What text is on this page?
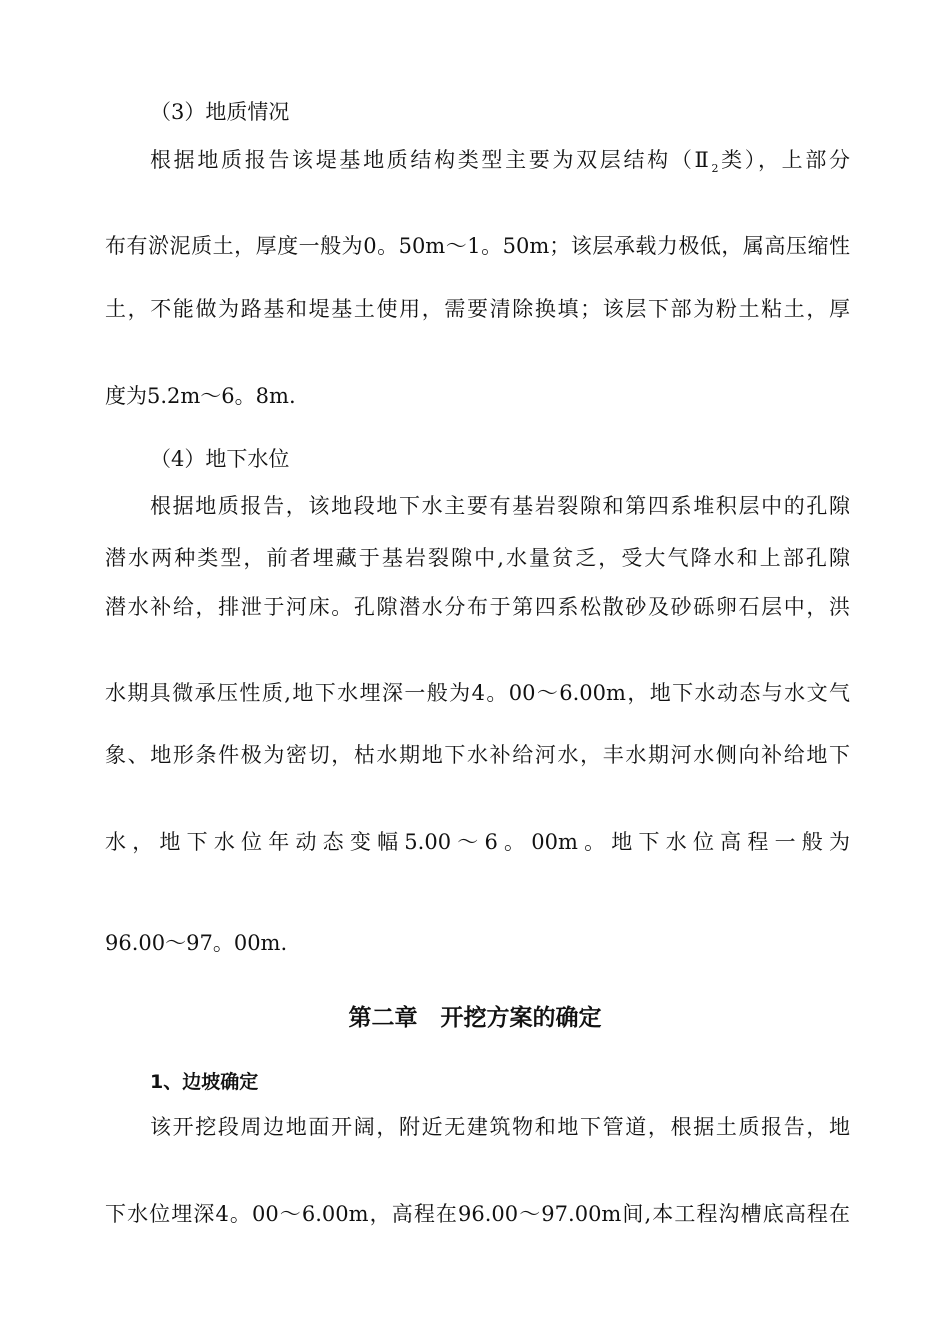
（3）地质情况
根据地质报告该堤基地质结构类型主要为双层结构（$Ⅱ_2$类），上部分
布有淤泥质土，厚度一般为0。50m～1。50m；该层承载力极低，属高压缩性
土，不能做为路基和堤基土使用，需要清除换填；该层下部为粉土粘土，厚
度为5.2m～6。8m.
（4）地下水位
根据地质报告，该地段地下水主要有基岩裂隙和第四系堆积层中的孔隙
潜水两种类型，前者埋藏于基岩裂隙中,水量贫乏，受大气降水和上部孔隙
潜水补给，排泄于河床。孔隙潜水分布于第四系松散砂及砂砾卵石层中，洪
水期具微承压性质,地下水埋深一般为4。00～6.00m，地下水动态与水文气
象、地形条件极为密切，枯水期地下水补给河水，丰水期河水侧向补给地下
水，地下水位年动态变幅5.00～6。00m。地下水位高程一般为
96.00～97。00m.
第二章　开挖方案的确定
1、边坡确定
该开挖段周边地面开阔，附近无建筑物和地下管道，根据土质报告，地
下水位埋深4。00～6.00m，高程在96.00～97.00m间,本工程沟槽底高程在
